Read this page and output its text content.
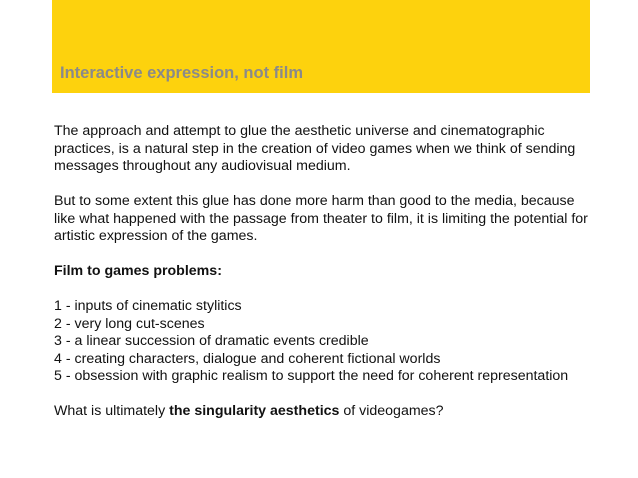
Interactive expression, not film

The approach and attempt to glue the aesthetic universe and cinematographic

practices, is a natural step in the creation of video games when we think of sending

messages throughout any audiovisual medium.

But to some extent this glue has done more harm than good to the media, because

like what happened with the passage from theater to film, it is limiting the potential for

artistic expression of the games.

Film to games problems:

1 - inputs of cinematic stylitics
2 - very long cut-scenes
3 - a linear succession of dramatic events credible
4 - creating characters, dialogue and coherent fictional worlds
5 - obsession with graphic realism to support the need for coherent representation

What is ultimately the singularity aesthetics of videogames?
